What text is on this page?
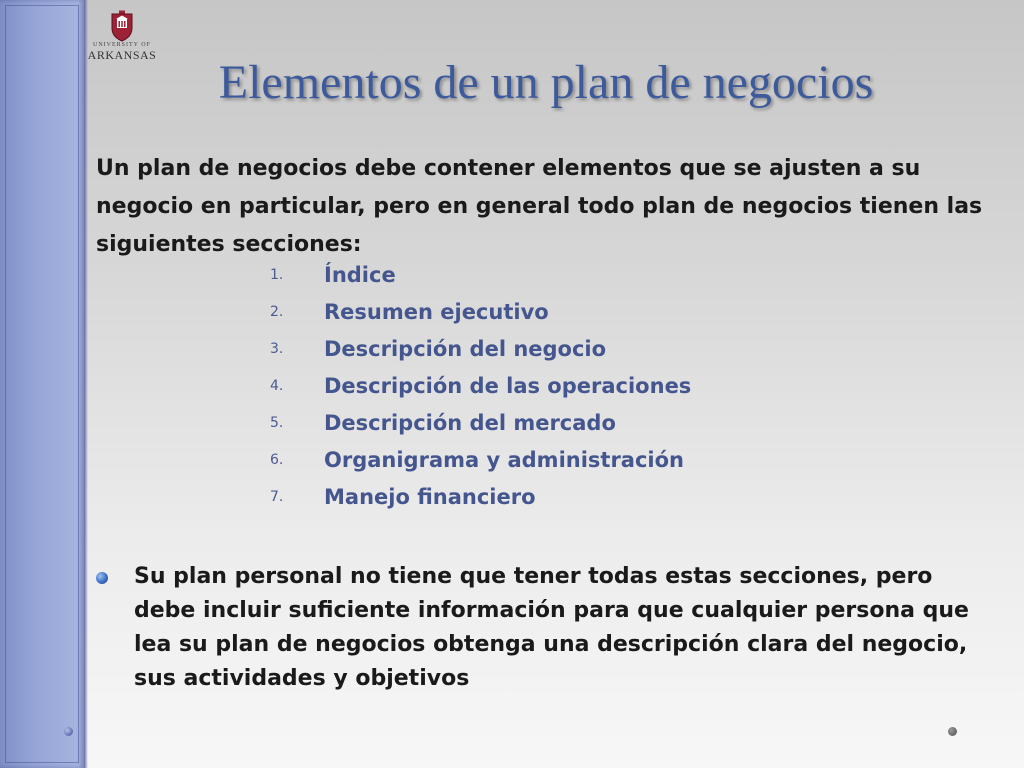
UNIVERSITY OF
ARKANSAS
Elementos de un plan de negocios
Un plan de negocios debe contener elementos que se ajusten a su negocio en particular, pero en general todo plan de negocios tienen las siguientes secciones:
1.	Índice
2.	Resumen ejecutivo
3.	Descripción del negocio
4.	Descripción de las operaciones
5.	Descripción del mercado
6.	Organigrama y administración
7.	Manejo financiero
Su plan personal no tiene que tener todas estas secciones, pero debe incluir suficiente información para que cualquier persona que lea su plan de negocios obtenga una descripción clara del negocio, sus actividades y objetivos
